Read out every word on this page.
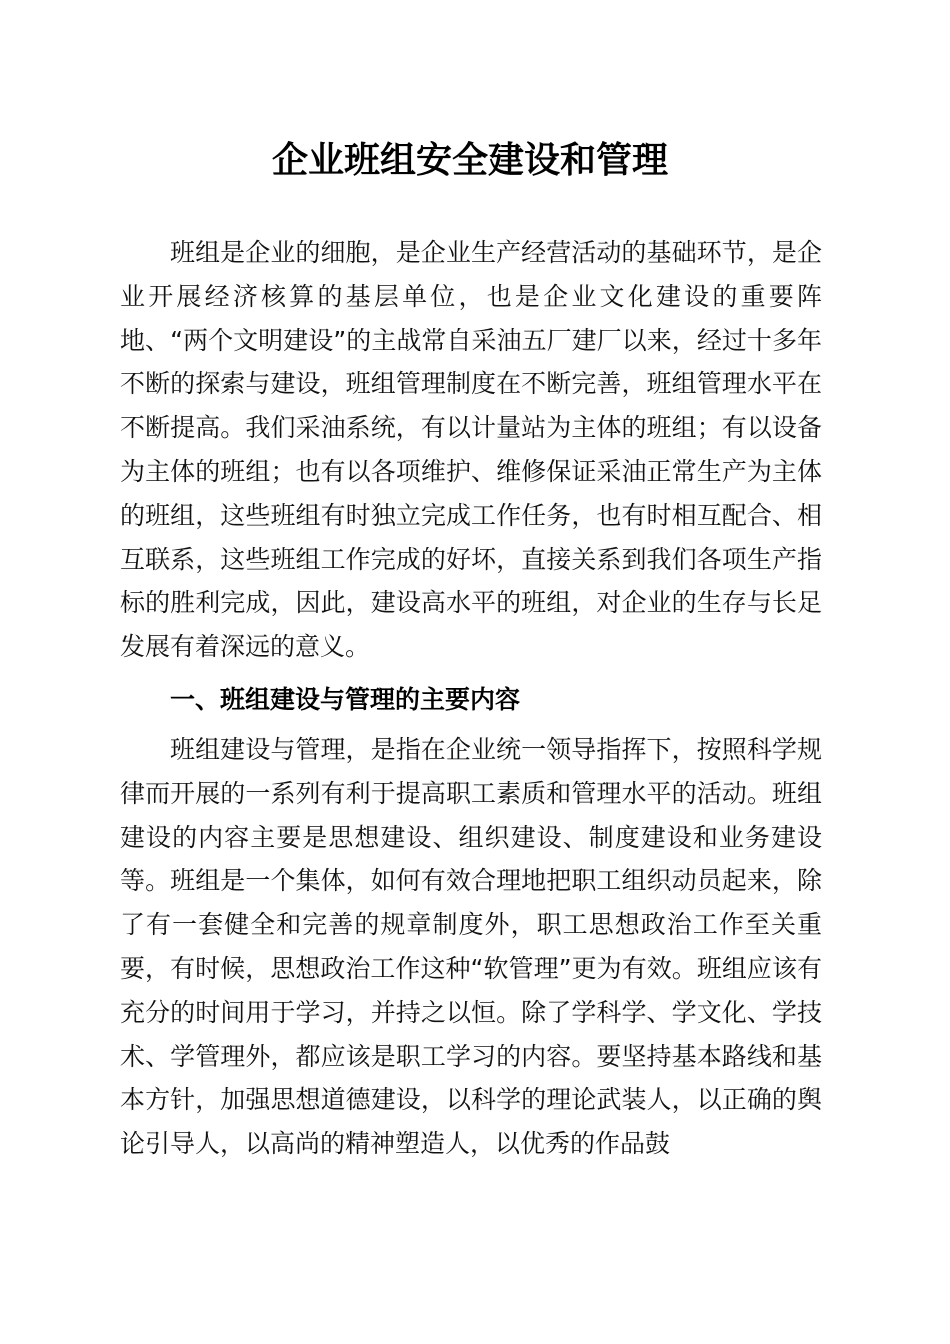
企业班组安全建设和管理

班组是企业的细胞，是企业生产经营活动的基础环节，是企业开展经济核算的基层单位，也是企业文化建设的重要阵地、“两个文明建设”的主战常自采油五厂建厂以来，经过十多年不断的探索与建设，班组管理制度在不断完善，班组管理水平在不断提高。我们采油系统，有以计量站为主体的班组；有以设备为主体的班组；也有以各项维护、维修保证采油正常生产为主体的班组，这些班组有时独立完成工作任务，也有时相互配合、相互联系，这些班组工作完成的好坏，直接关系到我们各项生产指标的胜利完成，因此，建设高水平的班组，对企业的生存与长足发展有着深远的意义。

一、班组建设与管理的主要内容

班组建设与管理，是指在企业统一领导指挥下，按照科学规律而开展的一系列有利于提高职工素质和管理水平的活动。班组建设的内容主要是思想建设、组织建设、制度建设和业务建设等。班组是一个集体，如何有效合理地把职工组织动员起来，除了有一套健全和完善的规章制度外，职工思想政治工作至关重要，有时候，思想政治工作这种“软管理”更为有效。班组应该有充分的时间用于学习，并持之以恒。除了学科学、学文化、学技术、学管理外，都应该是职工学习的内容。要坚持基本路线和基本方针，加强思想道德建设，以科学的理论武装人，以正确的舆论引导人，以高尚的精神塑造人，以优秀的作品鼓
